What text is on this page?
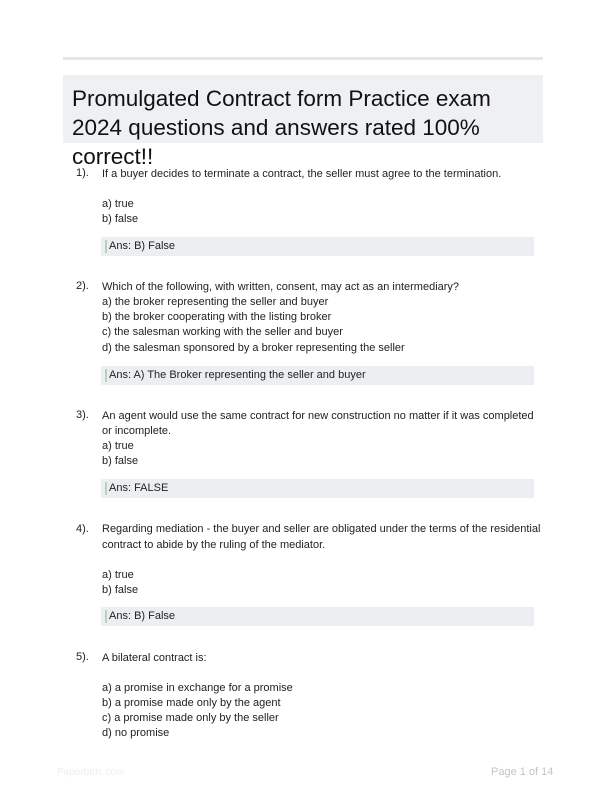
Promulgated Contract form Practice exam 2024 questions and answers rated 100% correct!!
1). If a buyer decides to terminate a contract, the seller must agree to the termination.
a) true
b) false
Ans: B) False
2). Which of the following, with written, consent, may act as an intermediary?
a) the broker representing the seller and buyer
b) the broker cooperating with the listing broker
c) the salesman working with the seller and buyer
d) the salesman sponsored by a broker representing the seller
Ans: A) The Broker representing the seller and buyer
3). An agent would use the same contract for new construction no matter if it was completed
or incomplete.
a) true
b) false
Ans: FALSE
4). Regarding mediation - the buyer and seller are obligated under the terms of the residential
contract to abide by the ruling of the mediator.
a) true
b) false
Ans: B) False
5). A bilateral contract is:
a) a promise in exchange for a promise
b) a promise made only by the agent
c) a promise made only by the seller
d) no promise
Paperbtdc.com	Page 1 of 14
